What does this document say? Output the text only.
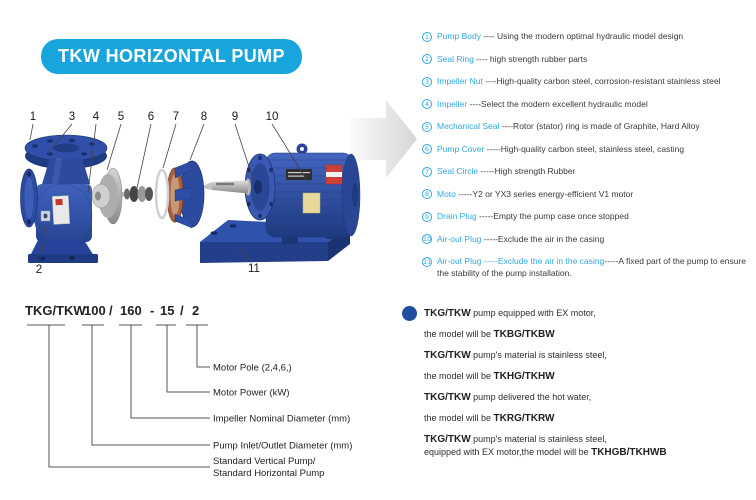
TKW HORIZONTAL PUMP
1	3 4 5 6 7 8 9 10
2	11
1 Pump Body ---- Using the modern optimal hydraulic model design
2 Seal Ring ---- high strength rubber parts
3 Impeller Nut ----High-quality carbon steel, corrosion-resistant stainless steel
4 Impeller ----Select the modern excellent hydraulic model
5 Mechanical Seal ----Rotor (stator) ring is made of Graphite, Hard Alloy
6 Pump Cover -----High-quality carbon steel, stainless steel, casting
7 Seal Circle -----High strength Rubber
8 Moto -----Y2 or YX3 series energy-efficient V1 motor
9 Drain Plug -----Empty the pump case once stopped
10 Air-out Plug -----Exclude the air in the casing
11 Air-out Plug -----Exclude the air in the casing-----A fixed part of the pump to ensure the stability of the pump installation.
TKG/TKW
100 / 160 - 15 / 2
Motor Pole (2,4,6,)
Motor Power (kW)
Impeller Nominal Diameter (mm)
Pump Inlet/Outlet Diameter (mm)
Standard Vertical Pump/
Standard Horizontal Pump
TKG/TKW pump equipped with EX motor,
the model will be TKBG/TKBW
TKG/TKW pump's material is stainless steel,
the model will be TKHG/TKHW
TKG/TKW pump delivered the hot water,
the model will be TKRG/TKRW
TKG/TKW pump's material is stainless steel,
equipped with EX motor,the model will be TKHGB/TKHWB
